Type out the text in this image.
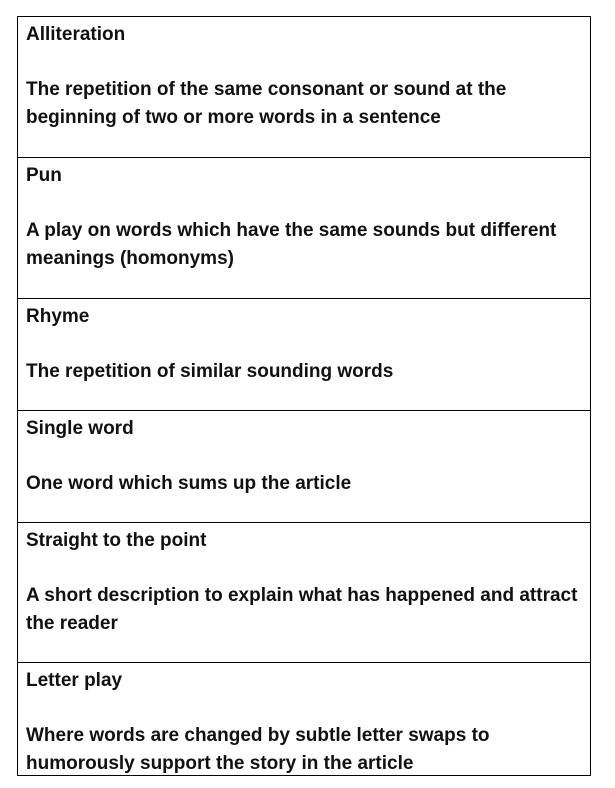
Alliteration

The repetition of the same consonant or sound at the beginning of two or more words in a sentence

Pun

A play on words which have the same sounds but different meanings (homonyms)

Rhyme

The repetition of similar sounding words

Single word

One word which sums up the article

Straight to the point

A short description to explain what has happened and attract the reader

Letter play

Where words are changed by subtle letter swaps to humorously support the story in the article
